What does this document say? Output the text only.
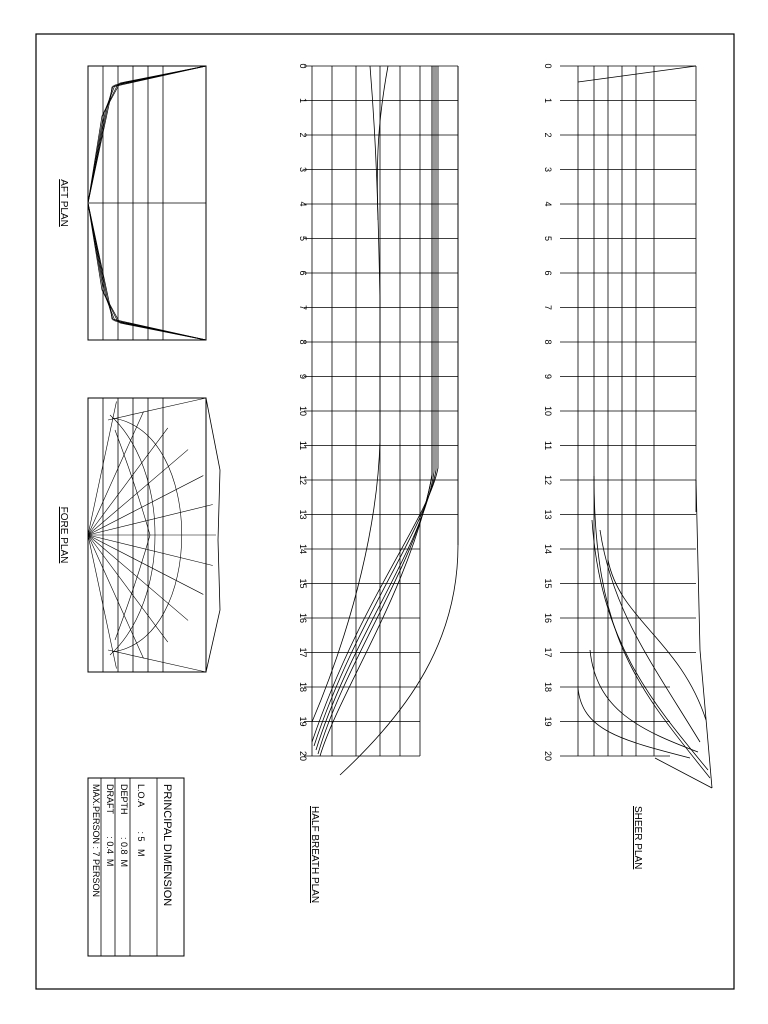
AFT PLAN
FORE PLAN
0
1
2
3
4
5
6
7
8
9
10
11
12
13
14
15
16
17
18
19
20
HALF BREATH PLAN
0
1
2
3
4
5
6
7
8
9
10
11
12
13
14
15
16
17
18
19
20
SHEER PLAN
PRINCIPAL DIMENSION
L.O.A          : 5   M
DEPTH         : 0.8  M
DRAFT         : 0.4  M
MAX.PERSON : 7 PERSON
